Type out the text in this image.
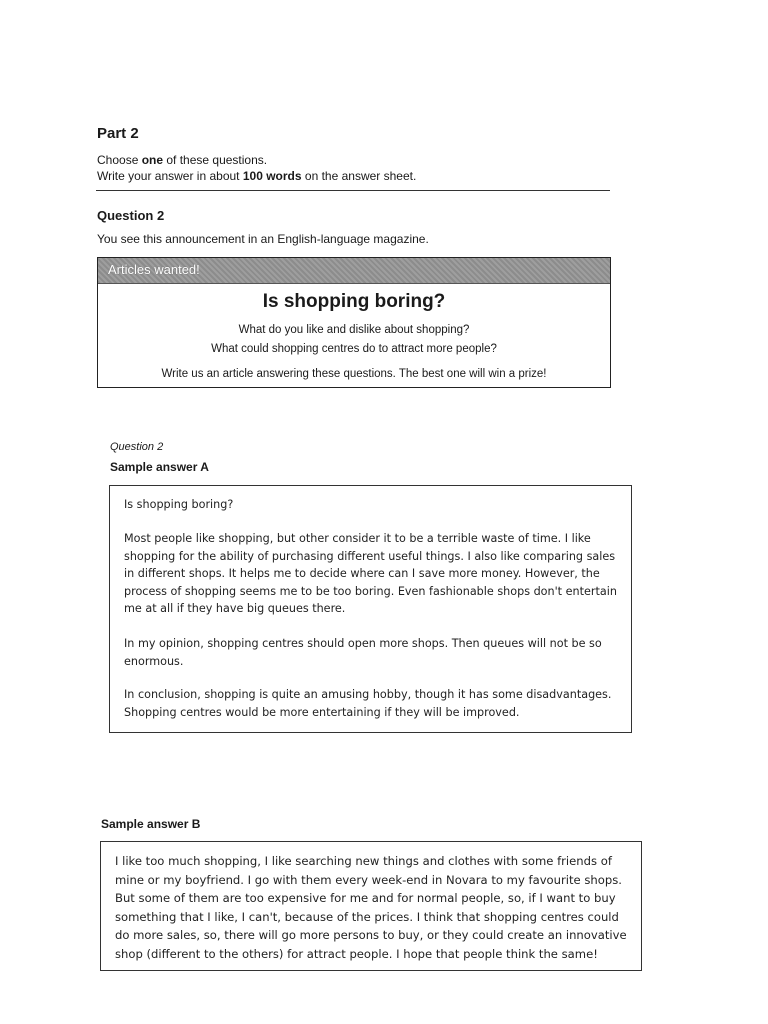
Part 2
Choose one of these questions.
Write your answer in about 100 words on the answer sheet.
Question 2
You see this announcement in an English-language magazine.
Articles wanted!
Is shopping boring?
What do you like and dislike about shopping?
What could shopping centres do to attract more people?
Write us an article answering these questions. The best one will win a prize!
Question 2
Sample answer A
Is shopping boring?
Most people like shopping, but other consider it to be a terrible waste of time. I like shopping for the ability of purchasing different useful things. I also like comparing sales in different shops. It helps me to decide where can I save more money. However, the process of shopping seems me to be too boring. Even fashionable shops don't entertain me at all if they have big queues there.
In my opinion, shopping centres should open more shops. Then queues will not be so enormous.
In conclusion, shopping is quite an amusing hobby, though it has some disadvantages. Shopping centres would be more entertaining if they will be improved.
Sample answer B
I like too much shopping, I like searching new things and clothes with some friends of mine or my boyfriend. I go with them every week-end in Novara to my favourite shops. But some of them are too expensive for me and for normal people, so, if I want to buy something that I like, I can't, because of the prices. I think that shopping centres could do more sales, so, there will go more persons to buy, or they could create an innovative shop (different to the others) for attract people. I hope that people think the same!
